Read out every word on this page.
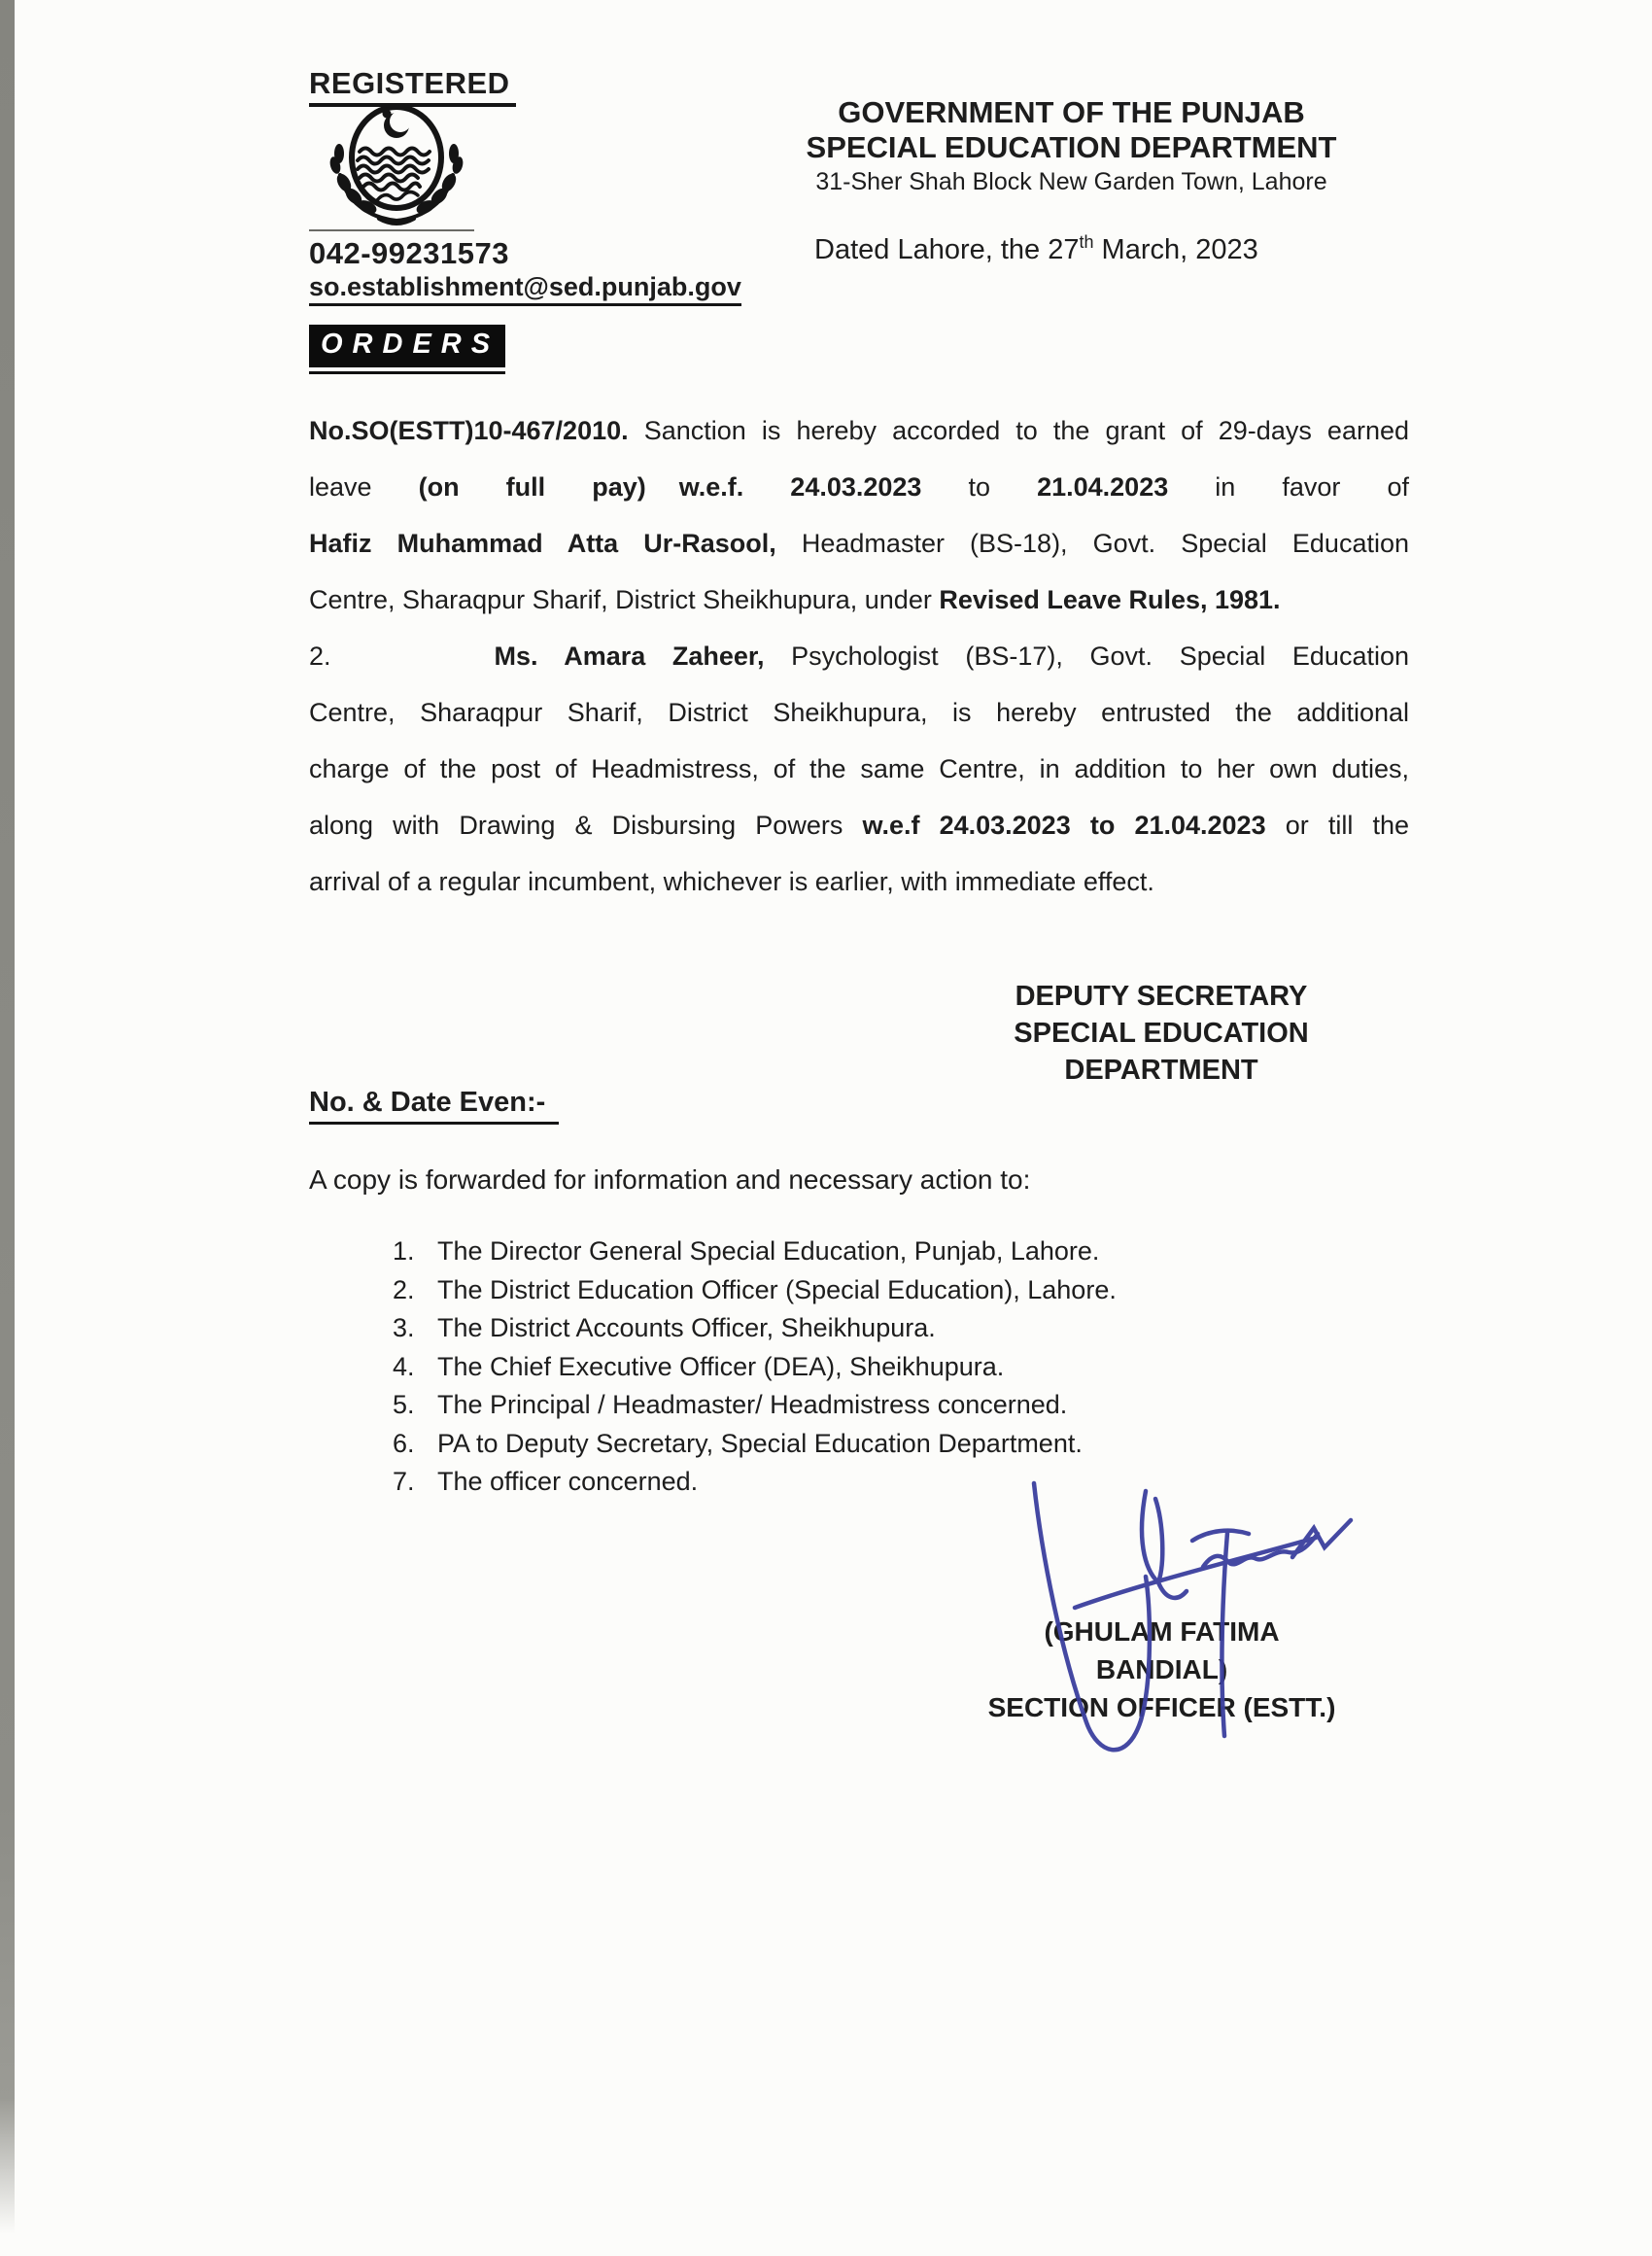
REGISTERED
042-99231573
so.establishment@sed.punjab.gov
GOVERNMENT OF THE PUNJAB
SPECIAL EDUCATION DEPARTMENT
31-Sher Shah Block New Garden Town, Lahore
Dated Lahore, the 27th March, 2023
ORDERS
No.SO(ESTT)10-467/2010. Sanction is hereby accorded to the grant of 29-days earned
leave (on full pay) w.e.f. 24.03.2023 to 21.04.2023 in favor of
Hafiz Muhammad Atta Ur-Rasool, Headmaster (BS-18), Govt. Special Education
Centre, Sharaqpur Sharif, District Sheikhupura, under Revised Leave Rules, 1981.
2.	Ms. Amara Zaheer, Psychologist (BS-17), Govt. Special Education
Centre, Sharaqpur Sharif, District Sheikhupura, is hereby entrusted the additional
charge of the post of Headmistress, of the same Centre, in addition to her own duties,
along with Drawing & Disbursing Powers w.e.f 24.03.2023 to 21.04.2023 or till the
arrival of a regular incumbent, whichever is earlier, with immediate effect.
DEPUTY SECRETARY
SPECIAL EDUCATION
DEPARTMENT
No. & Date Even:-
A copy is forwarded for information and necessary action to:
1. The Director General Special Education, Punjab, Lahore.
2. The District Education Officer (Special Education), Lahore.
3. The District Accounts Officer, Sheikhupura.
4. The Chief Executive Officer (DEA), Sheikhupura.
5. The Principal / Headmaster/ Headmistress concerned.
6. PA to Deputy Secretary, Special Education Department.
7. The officer concerned.
(GHULAM FATIMA BANDIAL)
SECTION OFFICER (ESTT.)
